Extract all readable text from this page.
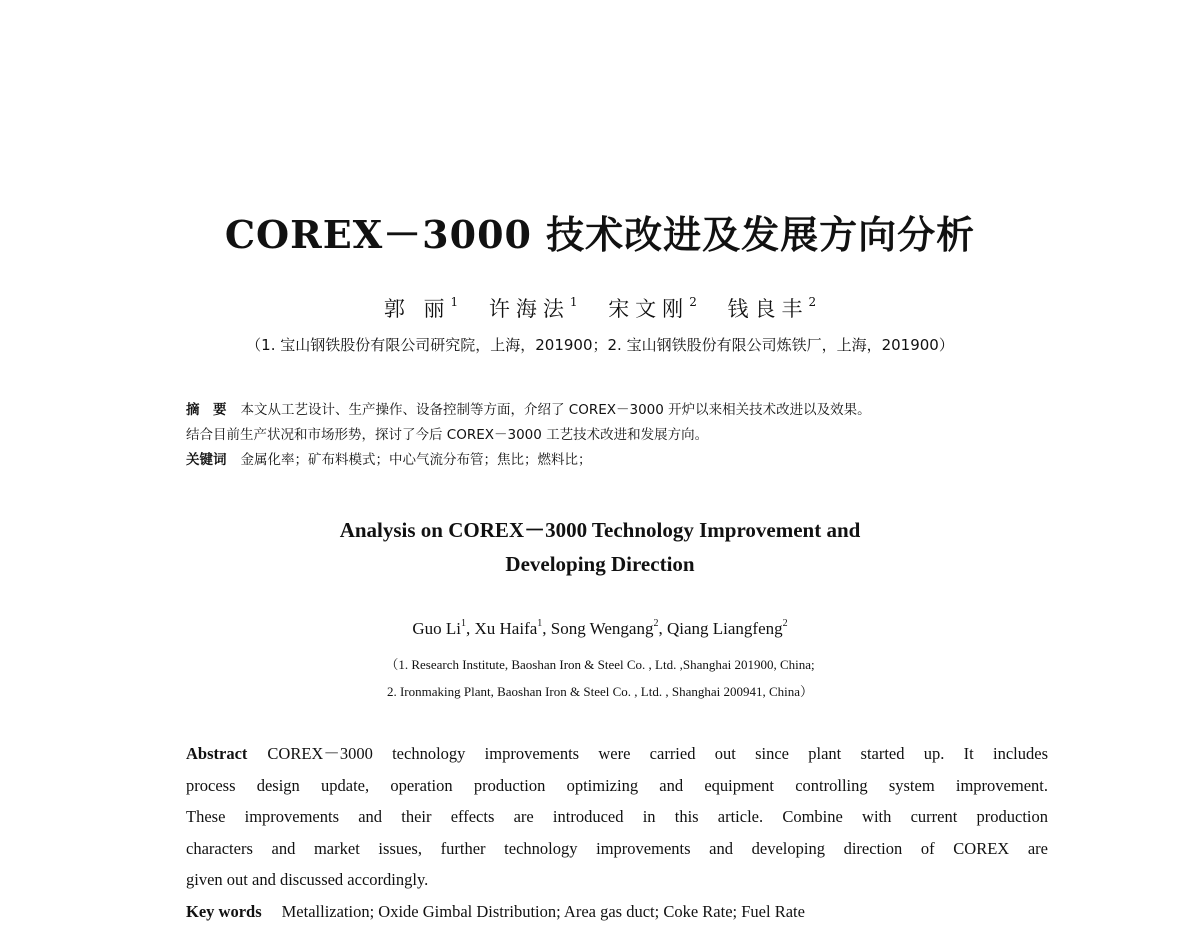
COREX－3000 技术改进及发展方向分析
郭 丽$^1$ 许海法$^1$ 宋文刚$^2$ 钱良丰$^2$
（1. 宝山钢铁股份有限公司研究院，上海，201900；2. 宝山钢铁股份有限公司炼铁厂，上海，201900）
摘　要 本文从工艺设计、生产操作、设备控制等方面，介绍了 COREX－3000 开炉以来相关技术改进以及效果。
结合目前生产状况和市场形势，探讨了今后 COREX－3000 工艺技术改进和发展方向。
关键词 金属化率；矿布料模式；中心气流分布管；焦比；燃料比；
Analysis on COREX－3000 Technology Improvement and
Developing Direction
Guo Li$^1$, Xu Haifa$^1$, Song Wengang$^2$, Qiang Liangfeng$^2$
（1. Research Institute, Baoshan Iron & Steel Co. , Ltd. ,Shanghai 201900, China;
2. Ironmaking Plant, Baoshan Iron & Steel Co. , Ltd. , Shanghai 200941, China）
Abstract COREX－3000 technology improvements were carried out since plant started up. It includes
process design update, operation production optimizing and equipment controlling system improvement.
These improvements and their effects are introduced in this article. Combine with current production
characters and market issues, further technology improvements and developing direction of COREX are
given out and discussed accordingly.
Key words Metallization; Oxide Gimbal Distribution; Area gas duct; Coke Rate; Fuel Rate
